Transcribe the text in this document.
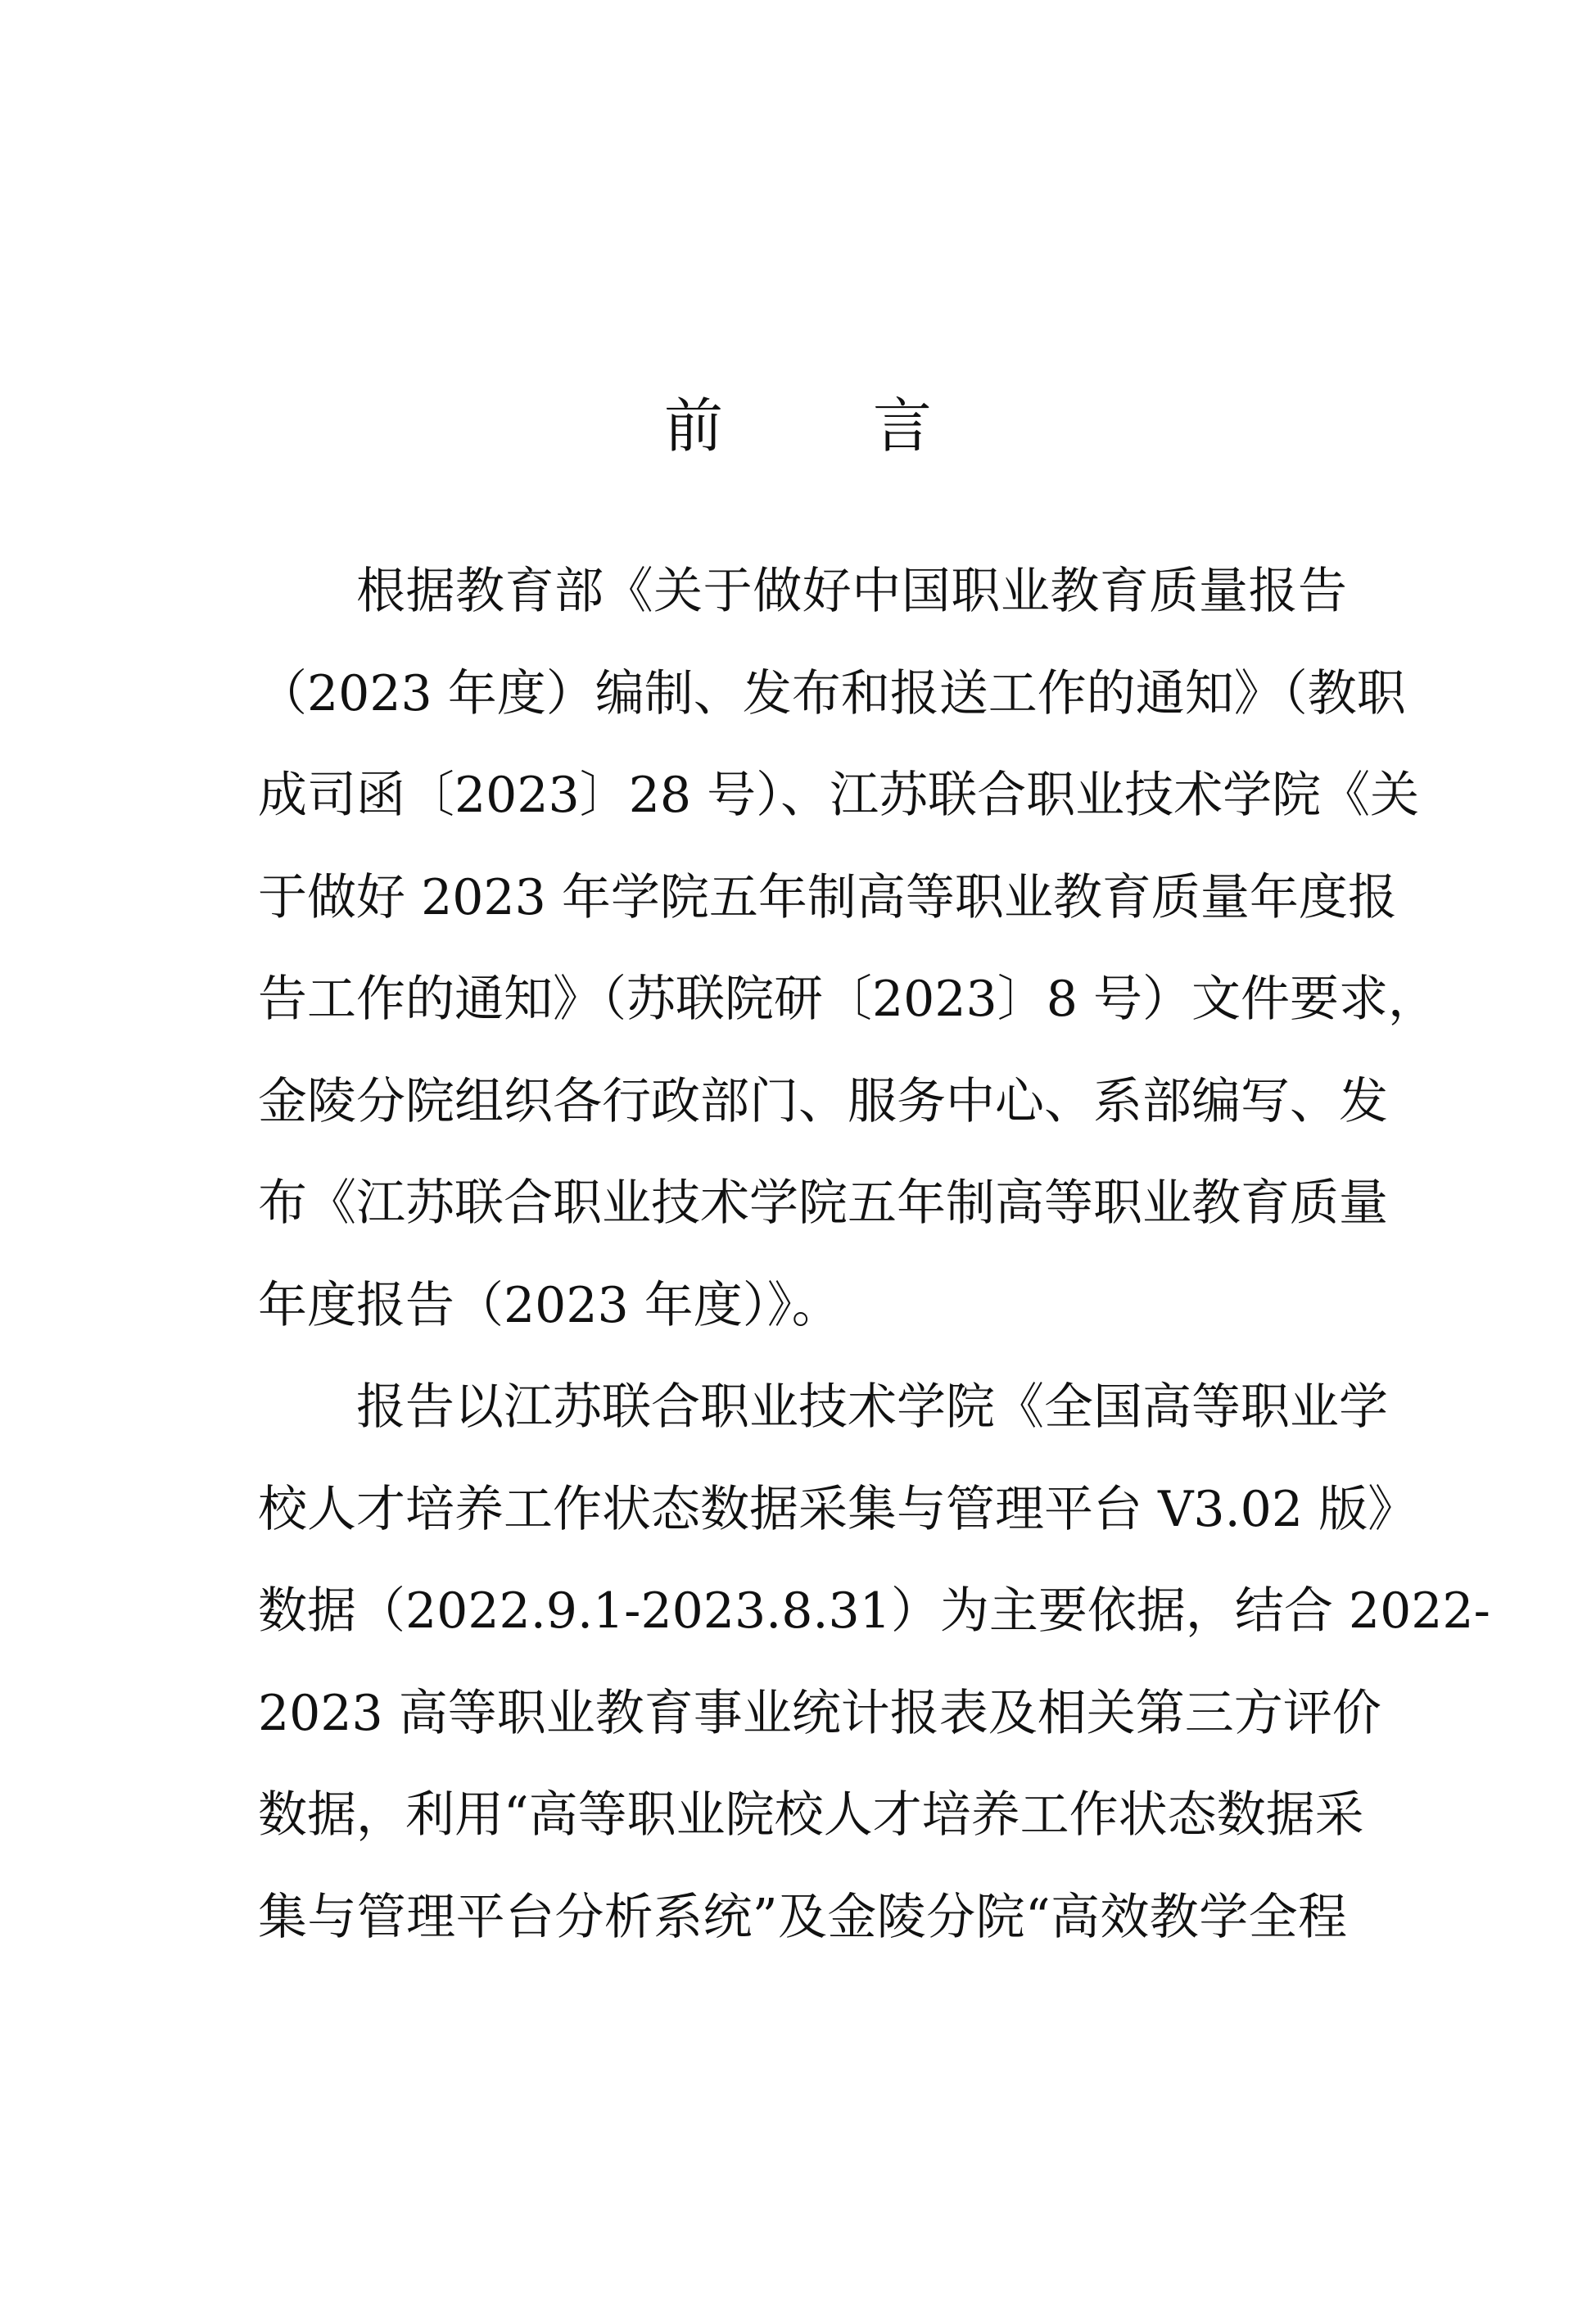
前 言
根据教育部《关于做好中国职业教育质量报告
（2023 年度）编制、发布和报送工作的通知》（教职
成司函〔2023〕28 号）、江苏联合职业技术学院《关
于做好 2023 年学院五年制高等职业教育质量年度报
告工作的通知》（苏联院研〔2023〕8 号）文件要求，
金陵分院组织各行政部门、服务中心、系部编写、发
布《江苏联合职业技术学院五年制高等职业教育质量
年度报告（2023 年度）》。
报告以江苏联合职业技术学院《全国高等职业学
校人才培养工作状态数据采集与管理平台 V3.02 版》
数据（2022.9.1-2023.8.31）为主要依据，结合 2022-
2023 高等职业教育事业统计报表及相关第三方评价
数据，利用“高等职业院校人才培养工作状态数据采
集与管理平台分析系统”及金陵分院“高效教学全程
